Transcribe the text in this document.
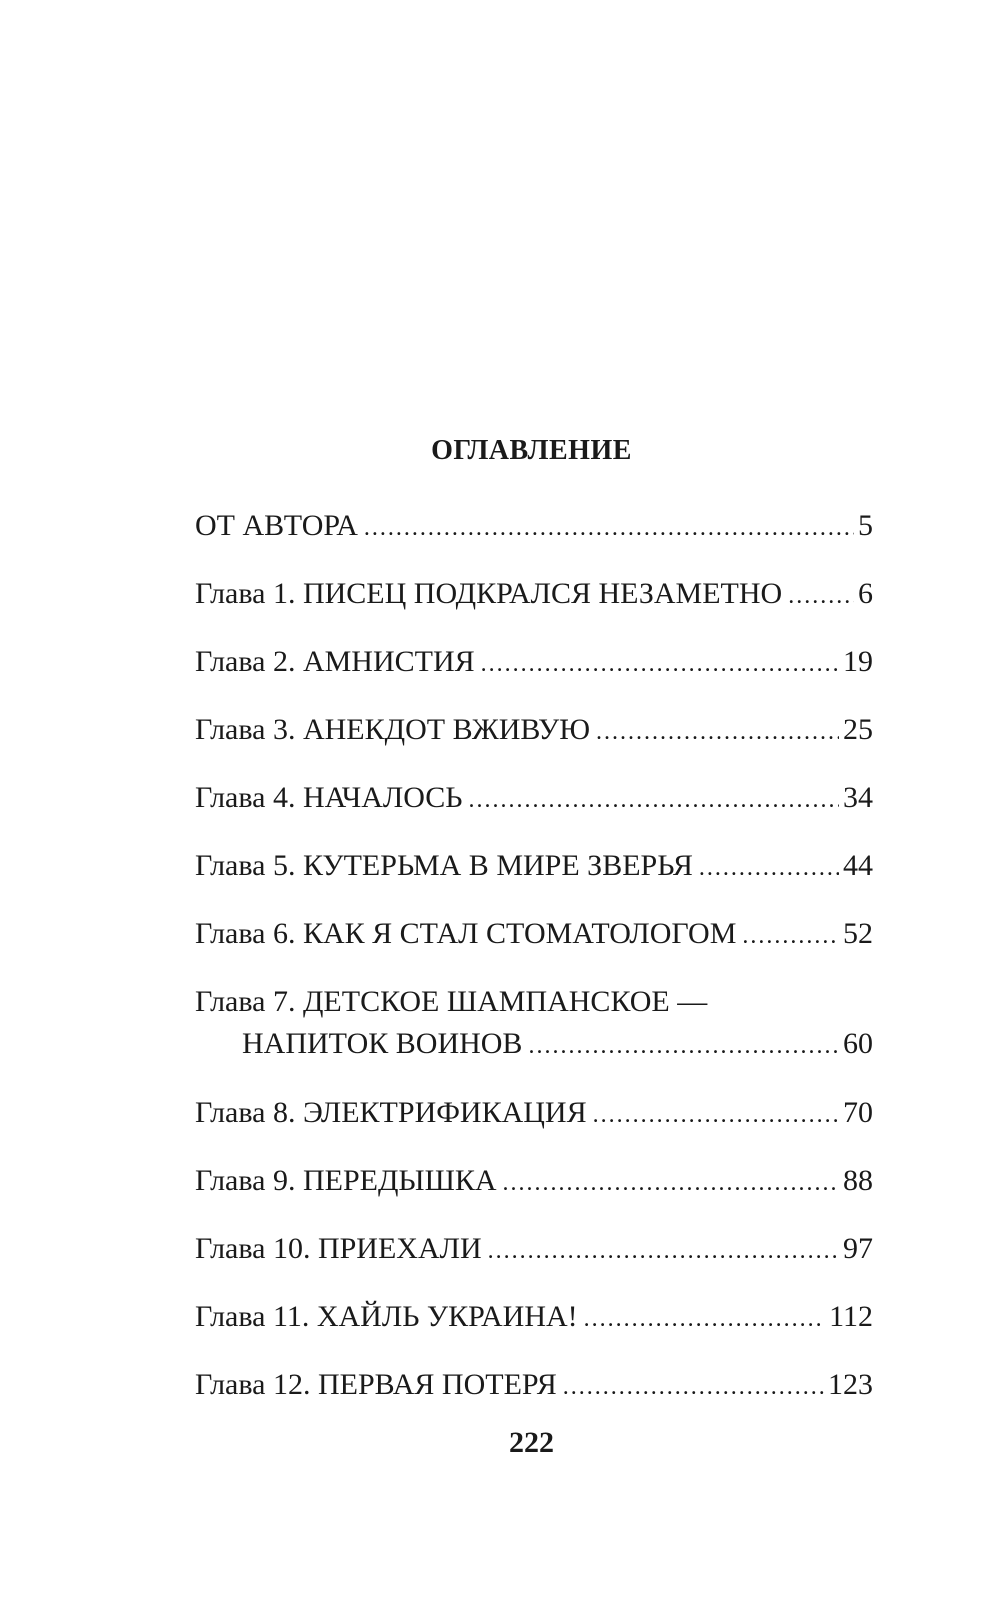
ОГЛАВЛЕНИЕ
ОТ АВТОРА . . .	5
Глава 1. ПИСЕЦ ПОДКРАЛСЯ НЕЗАМЕТНО . . .	6
Глава 2. АМНИСТИЯ . . .	19
Глава 3. АНЕКДОТ ВЖИВУЮ . . .	25
Глава 4. НАЧАЛОСЬ . . .	34
Глава 5. КУТЕРЬМА В МИРЕ ЗВЕРЬЯ . . .	44
Глава 6. КАК Я СТАЛ СТОМАТОЛОГОМ . . .	52
Глава 7. ДЕТСКОЕ ШАМПАНСКОЕ —
НАПИТОК ВОИНОВ . . .	60
Глава 8. ЭЛЕКТРИФИКАЦИЯ . . .	70
Глава 9. ПЕРЕДЫШКА . . .	88
Глава 10. ПРИЕХАЛИ . . .	97
Глава 11. ХАЙЛЬ УКРАИНА! . . .	112
Глава 12. ПЕРВАЯ ПОТЕРЯ . . .	123
222
